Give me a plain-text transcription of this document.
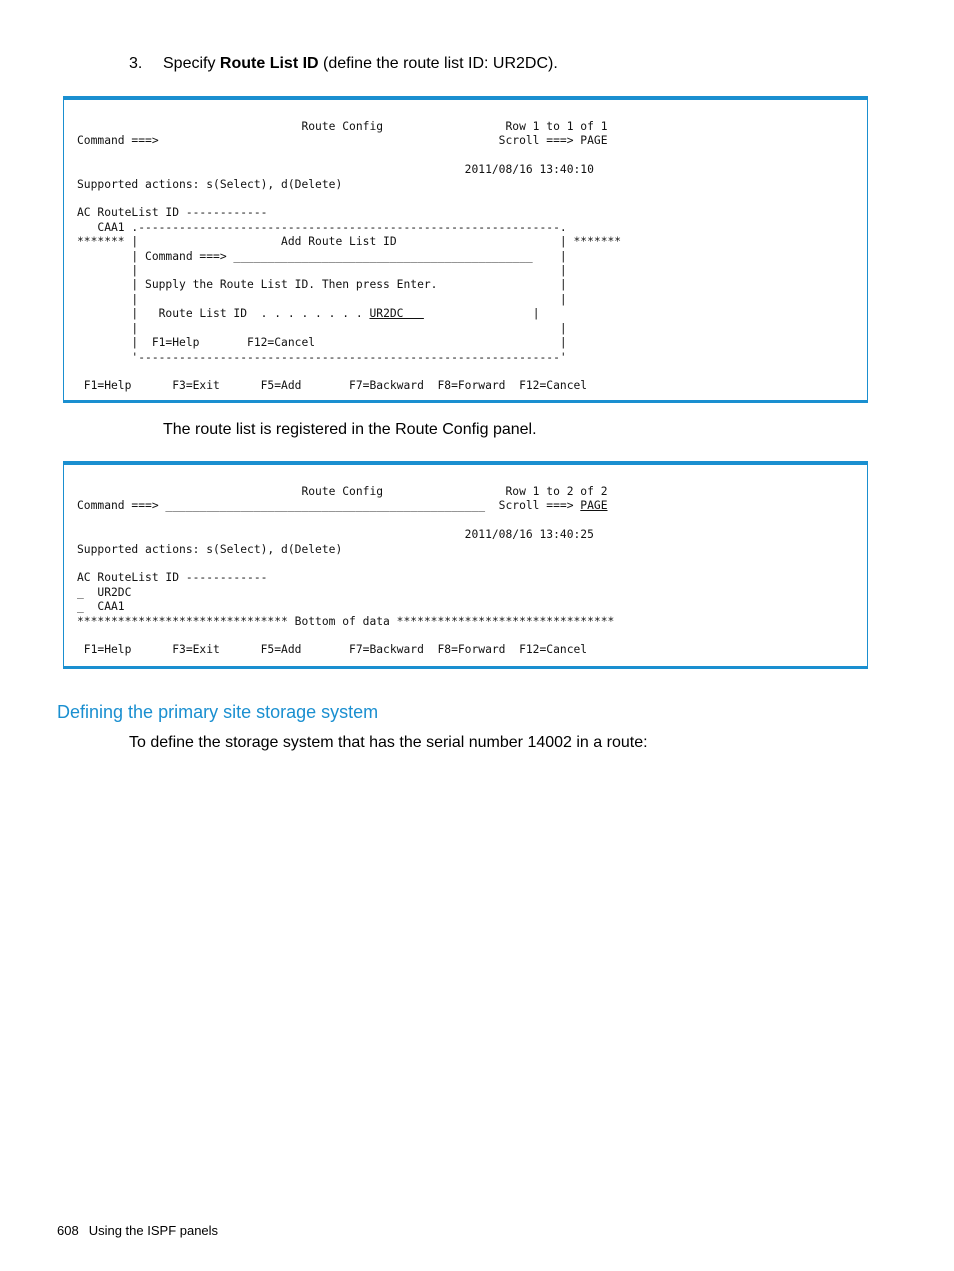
3. Specify Route List ID (define the route list ID: UR2DC).
Route Config                  Row 1 to 1 of 1
Command ===>                                                  Scroll ===> PAGE

2011/08/16 13:40:10
Supported actions: s(Select), d(Delete)

AC RouteList ID ------------
CAA1 .--------------------------------------------------------------.
******* |                     Add Route List ID                        | *******
| Command ===> ____________________________________________    |
|                                                              |
| Supply the Route List ID. Then press Enter.                  |
|                                                              |
|   Route List ID  . . . . . . . . UR2DC                   |
|                                                              |
|  F1=Help       F12=Cancel                                    |
'--------------------------------------------------------------'

F1=Help      F3=Exit      F5=Add       F7=Backward  F8=Forward  F12=Cancel
The route list is registered in the Route Config panel.
Route Config                  Row 1 to 2 of 2
Command ===> _______________________________________________  Scroll ===> PAGE

2011/08/16 13:40:25
Supported actions: s(Select), d(Delete)

AC RouteList ID ------------
_  UR2DC
_  CAA1
******************************* Bottom of data ********************************

F1=Help      F3=Exit      F5=Add       F7=Backward  F8=Forward  F12=Cancel
Defining the primary site storage system
To define the storage system that has the serial number 14002 in a route:
608 Using the ISPF panels
